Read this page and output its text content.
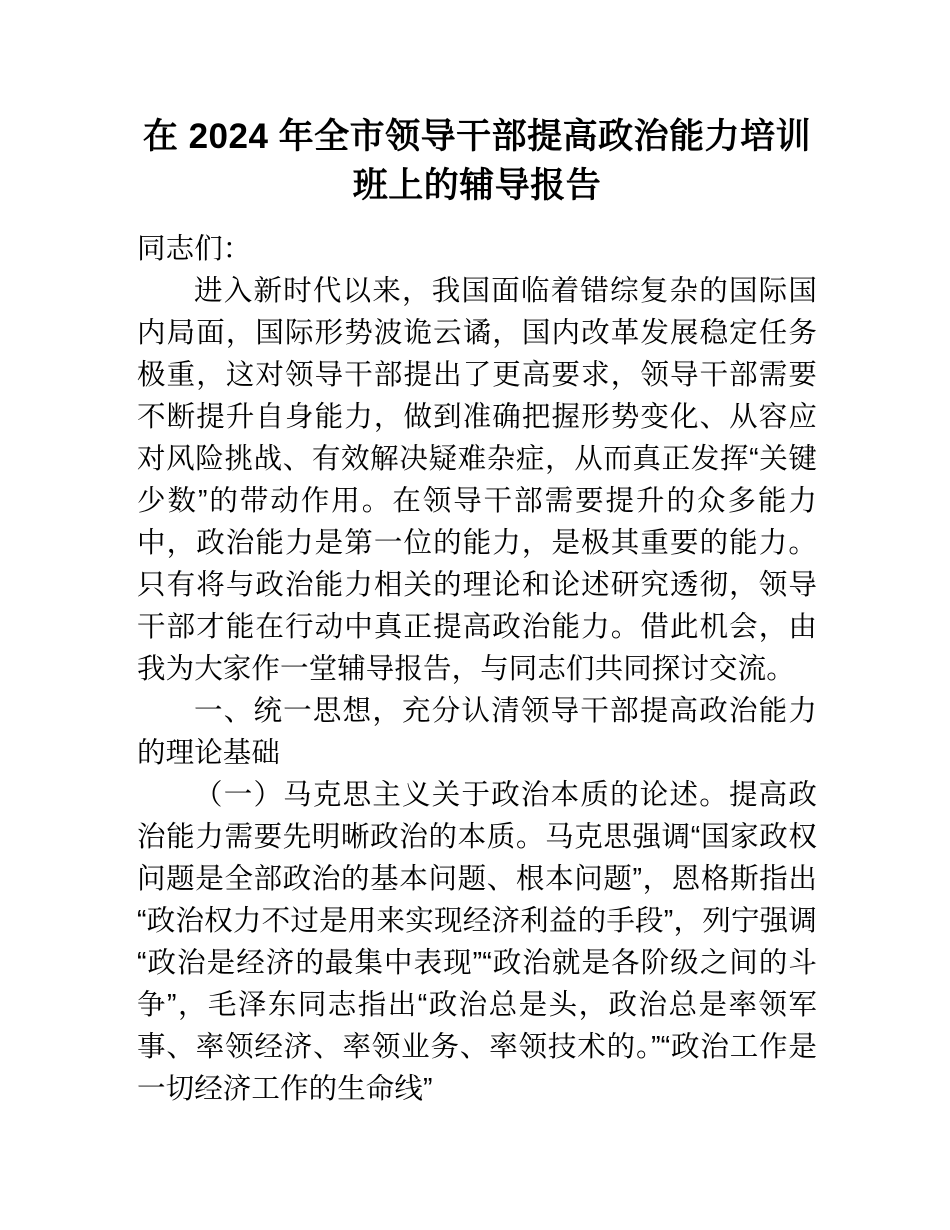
在 2024 年全市领导干部提高政治能力培训班上的辅导报告

同志们：

进入新时代以来，我国面临着错综复杂的国际国内局面，国际形势波诡云谲，国内改革发展稳定任务极重，这对领导干部提出了更高要求，领导干部需要不断提升自身能力，做到准确把握形势变化、从容应对风险挑战、有效解决疑难杂症，从而真正发挥“关键少数”的带动作用。在领导干部需要提升的众多能力中，政治能力是第一位的能力，是极其重要的能力。只有将与政治能力相关的理论和论述研究透彻，领导干部才能在行动中真正提高政治能力。借此机会，由我为大家作一堂辅导报告，与同志们共同探讨交流。

一、统一思想，充分认清领导干部提高政治能力的理论基础

（一）马克思主义关于政治本质的论述。提高政治能力需要先明晰政治的本质。马克思强调“国家政权问题是全部政治的基本问题、根本问题”，恩格斯指出“政治权力不过是用来实现经济利益的手段”，列宁强调“政治是经济的最集中表现”“政治就是各阶级之间的斗争”，毛泽东同志指出“政治总是头，政治总是率领军事、率领经济、率领业务、率领技术的。”“政治工作是一切经济工作的生命线”
